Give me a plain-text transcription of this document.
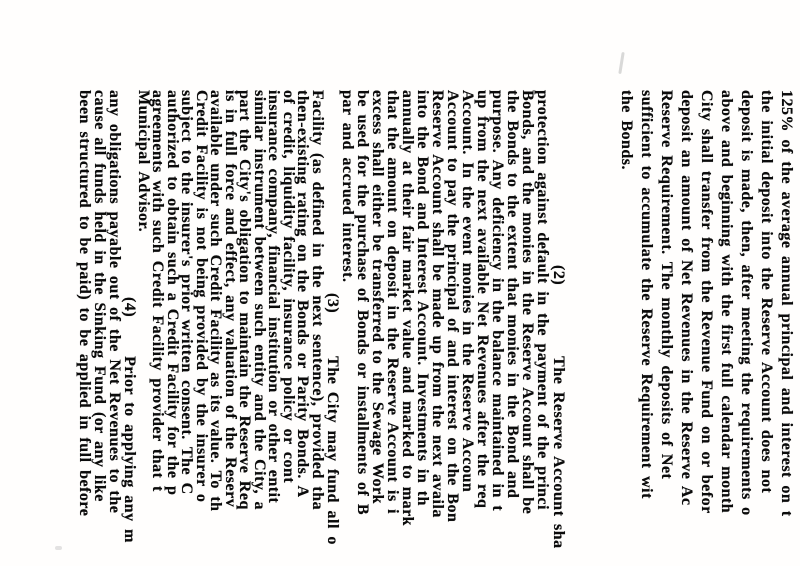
125% of the average annual principal and interest on t
the initial deposit into the Reserve Account does not
deposit is made, then, after meeting the requirements o
above and beginning with the first full calendar month
City shall transfer from the Revenue Fund on or befor
deposit an amount of Net Revenues in the Reserve Ac
Reserve Requirement. The monthly deposits of Net
sufficient to accumulate the Reserve Requirement wit
the Bonds.
(2)The Reserve Account sha
protection against default in the payment of the princi
Bonds, and the monies in the Reserve Account shall be
the Bonds to the extent that monies in the Bond and
purpose. Any deficiency in the balance maintained in t
up from the next available Net Revenues after the req
Account. In the event monies in the Reserve Accoun
Account to pay the principal of and interest on the Bon
Reserve Account shall be made up from the next availa
into the Bond and Interest Account. Investments in th
annually at their fair market value and marked to mark
that the amount on deposit in the Reserve Account is i
excess shall either be transferred to the Sewage Work
be used for the purchase of Bonds or installments of B
par and accrued interest.
(3)The City may fund all o
Facility (as defined in the next sentence), provided tha
then-existing rating on the Bonds or Parity Bonds. A
of credit, liquidity facility, insurance policy or cont
insurance company, financial institution or other entit
similar instrument between such entity and the City, a
part the City's obligation to maintain the Reserve Req
is in full force and effect, any valuation of the Reserv
available under such Credit Facility as its value. To th
Credit Facility is not being provided by the insurer o
subject to the insurer's prior written consent. The C
authorized to obtain such a Credit Facility for the p
agreements with such Credit Facility provider that t
Municipal Advisor.
(4)Prior to applying any m
any obligations payable out of the Net Revenues to the
cause all funds held in the Sinking Fund (or any like
been structured to be paid) to be applied in full before
